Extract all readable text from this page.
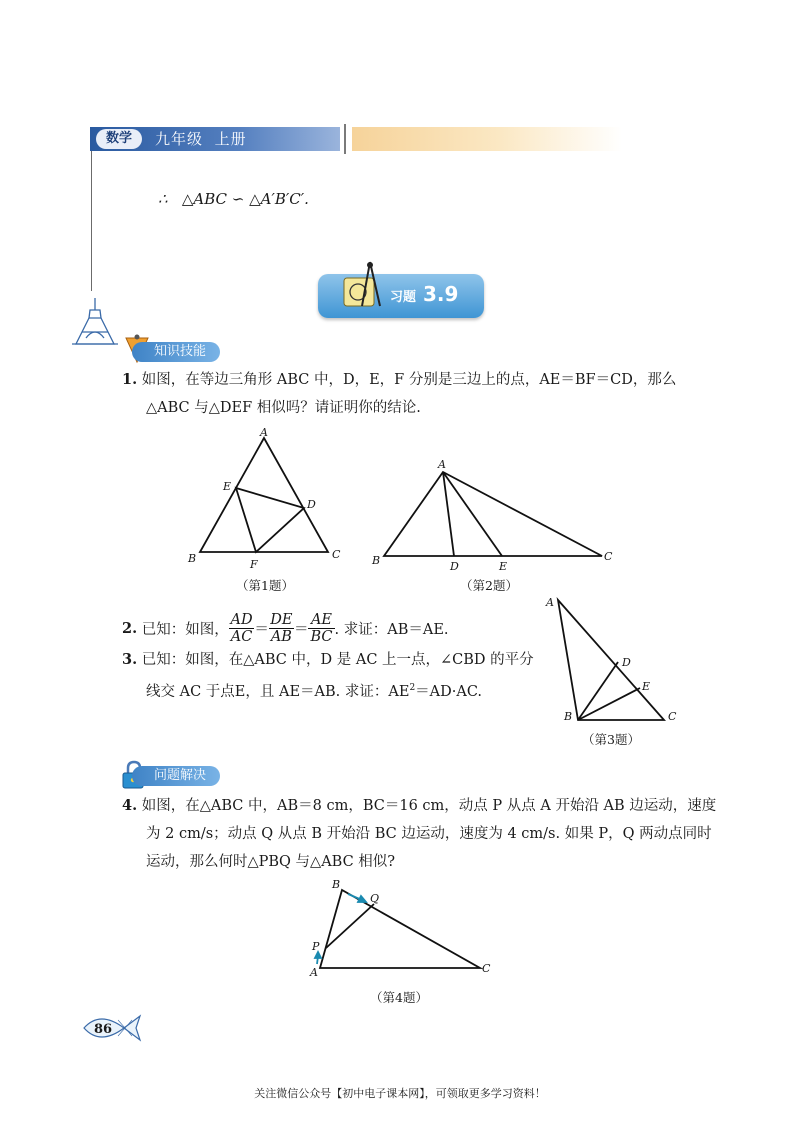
数学	九年级 上册
∴   △ABC ∽ △A′B′C′.
习题 3.9
知识技能
1. 如图，在等边三角形 ABC 中，D，E，F 分别是三边上的点，AE＝BF＝CD，那么
△ABC 与△DEF 相似吗？请证明你的结论.
A
B	C
D
E
F
（第1题）
A
B	C
D	E
（第2题）
2.
已知：如图， $\frac{AD}{AC} = \frac{DE}{AB} = \frac{AE}{BC}$ . 求证：AB＝AE.
3. 已知：如图，在△ABC 中，D 是 AC 上一点，∠CBD 的平分
线交 AC 于点E，且 AE＝AB. 求证：$AE^2=AD\cdot AC$.
A
B	C
D
E
（第3题）
问题解决
4. 如图，在△ABC 中，AB＝8 cm，BC＝16 cm，动点 P 从点 A 开始沿 AB 边运动，速度
为 2 cm/s；动点 Q 从点 B 开始沿 BC 边运动，速度为 4 cm/s. 如果 P，Q 两动点同时
运动，那么何时△PBQ 与△ABC 相似?
B
A	C
P
Q
（第4题）
86
关注微信公众号【初中电子课本网】，可领取更多学习资料！
